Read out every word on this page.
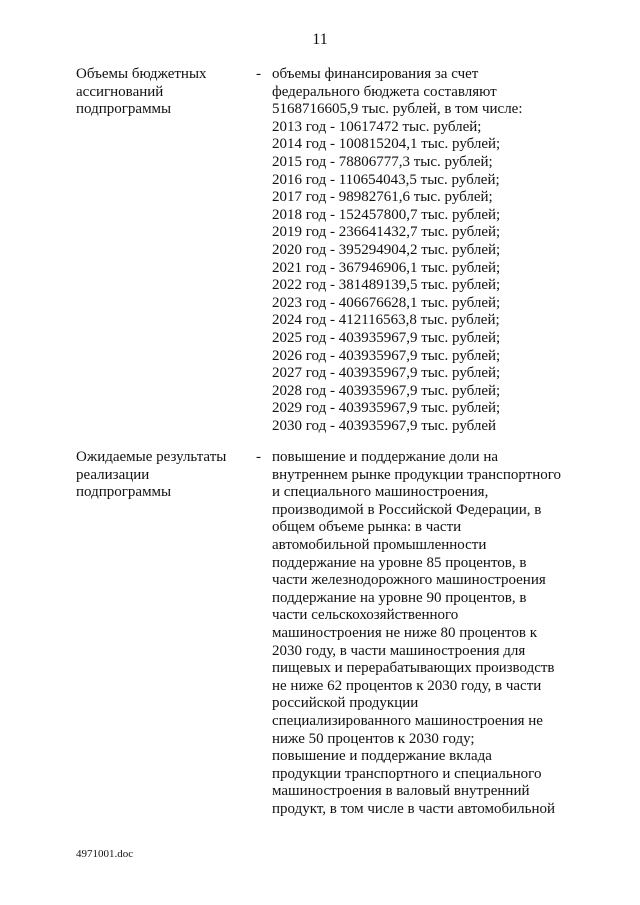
11
Объемы бюджетных
ассигнований
подпрограммы
- объемы финансирования за счет
федерального бюджета составляют
5168716605,9 тыс. рублей, в том числе:
2013 год - 10617472 тыс. рублей;
2014 год - 100815204,1 тыс. рублей;
2015 год - 78806777,3 тыс. рублей;
2016 год - 110654043,5 тыс. рублей;
2017 год - 98982761,6 тыс. рублей;
2018 год - 152457800,7 тыс. рублей;
2019 год - 236641432,7 тыс. рублей;
2020 год - 395294904,2 тыс. рублей;
2021 год - 367946906,1 тыс. рублей;
2022 год - 381489139,5 тыс. рублей;
2023 год - 406676628,1 тыс. рублей;
2024 год - 412116563,8 тыс. рублей;
2025 год - 403935967,9 тыс. рублей;
2026 год - 403935967,9 тыс. рублей;
2027 год - 403935967,9 тыс. рублей;
2028 год - 403935967,9 тыс. рублей;
2029 год - 403935967,9 тыс. рублей;
2030 год - 403935967,9 тыс. рублей
Ожидаемые результаты
реализации
подпрограммы
- повышение и поддержание доли на
внутреннем рынке продукции транспортного
и специального машиностроения,
производимой в Российской Федерации, в
общем объеме рынка: в части
автомобильной промышленности
поддержание на уровне 85 процентов, в
части железнодорожного машиностроения
поддержание на уровне 90 процентов, в
части сельскохозяйственного
машиностроения не ниже 80 процентов к
2030 году, в части машиностроения для
пищевых и перерабатывающих производств
не ниже 62 процентов к 2030 году, в части
российской продукции
специализированного машиностроения не
ниже 50 процентов к 2030 году;
повышение и поддержание вклада
продукции транспортного и специального
машиностроения в валовый внутренний
продукт, в том числе в части автомобильной
4971001.doc
